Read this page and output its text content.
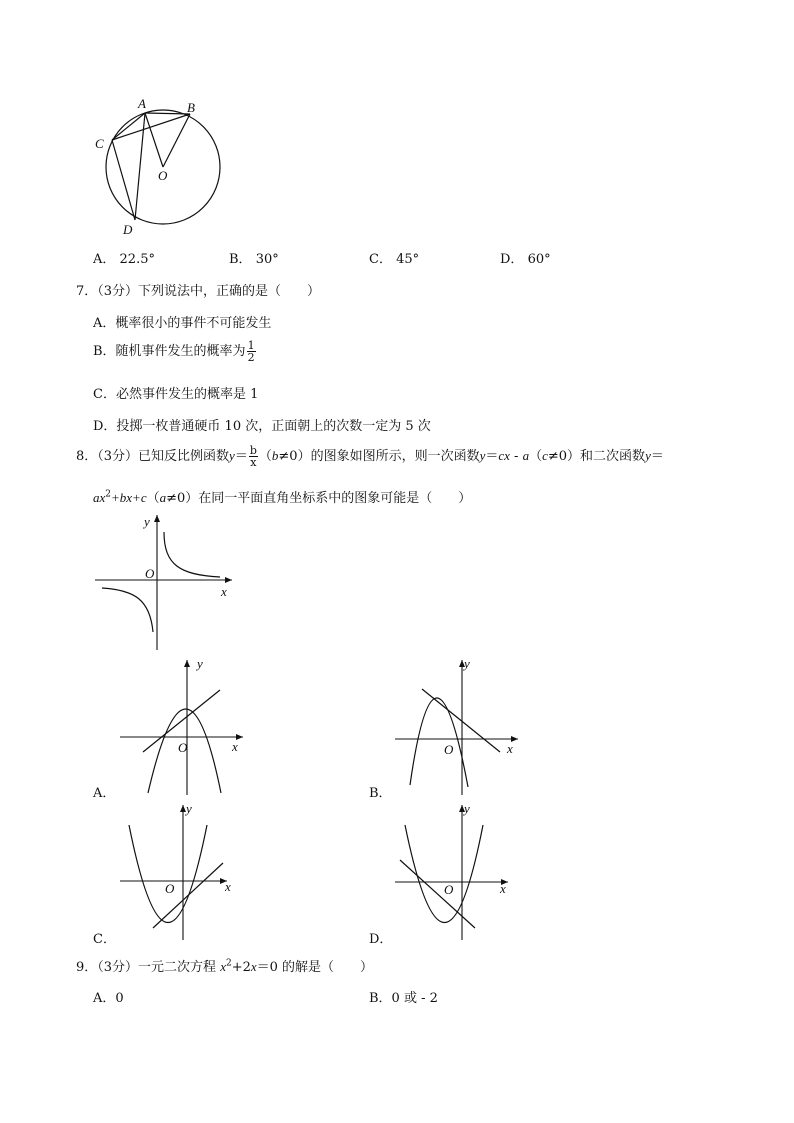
A	B
C
O
D
A． 22.5°	B． 30°	C． 45°	D． 60°
7．（3分）下列说法中，正确的是（　　）
A．概率很小的事件不可能发生
B．随机事件发生的概率为 $\frac{1}{2}$
C．必然事件发生的概率是 1
D．投掷一枚普通硬币 10 次，正面朝上的次数一定为 5 次
8．（3分）已知反比例函数$y= \frac{b}{x} (b\ne 0)$的图象如图所示，则一次函数y＝cx - a（c≠0）和二次函数y＝
$ax^2+bx+c(a\ne 0)$在同一平面直角坐标系中的图象可能是（　　）
y
x
O
y
x
O
A．
y
x
O
B．
y
x
O
C．
y
x
O
D．
9．（3分）一元二次方程 $x^2+2x=0$ 的解是（　　）
A．0	B．0 或 - 2
